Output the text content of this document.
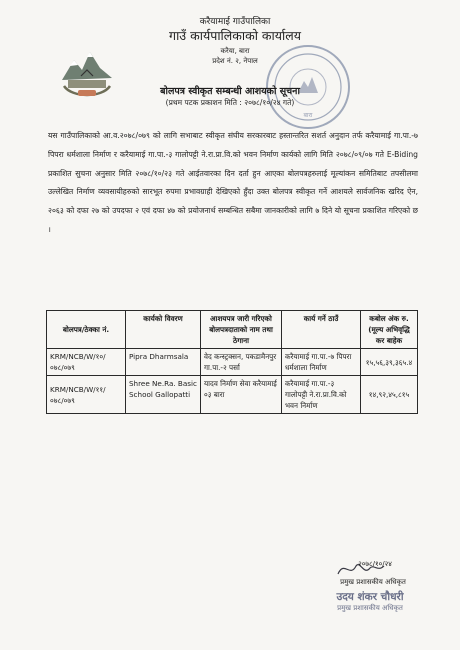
बारा
करैयामाई गाउँपालिका
गाउँ कार्यपालिकाको कार्यालय
करैया, बारा
प्रदेश नं. २, नेपाल
बोलपत्र स्वीकृत सम्बन्धी आशयको सूचना
(प्रथम पटक प्रकाशन मिति : २०७८/१०/२४ गते)
यस गाउँपालिकाको आ.व.२०७८/०७९ को लागि सभाबाट स्वीकृत संघीय सरकारबाट हस्तान्तरित सशर्त अनुदान तर्फ करैयामाई गा.पा.-७ पिपरा धर्मशाला निर्माण र करैयामाई गा.पा.-३ गालोपट्टी ने.रा.प्रा.वि.को भवन निर्माण कार्यको लागि मिति २०७८/०९/०७ गते E-Biding प्रकाशित सुचना अनुसार मिति २०७८/१०/२३ गते आईतवारका दिन दर्ता हुन आएका बोलपत्रहरुलाई मूल्यांकन समितिबाट तपसीलमा उल्लेखित निर्माण व्यवसायीहरुको सारभूत रुपमा प्रभावग्राही देखिएको हुँदा उक्त बोलपत्र स्वीकृत गर्ने आशयले सार्वजनिक खरिद ऐन, २०६३ को दफा २७ को उपदफा २ एवं दफा ४७ को प्रयोजनार्थ सम्बन्धित सबैमा जानकारीको लागि ७ दिने यो सूचना प्रकाशित गरिएको छ ।
बोलपत्र/ठेक्का नं.	कार्यको विवरण	आशयपत्र जारी गरिएको बोलपत्रदाताको नाम तथा ठेगाना	कार्य गर्ने ठाउँ	कबोल अंक रु. (मूल्य अभिवृद्धि कर बाहेक
KRM/NCB/W/१०/ ०७८/०७९	Pipra Dharmsala	वेद कन्स्ट्रक्सन, पकडामैनपुर गा.पा.-२ पर्सा	करैयामाई गा.पा.-७ पिपरा धर्मशाला निर्माण	१५,५६,३९,३६५.४
KRM/NCB/W/११/ ०७८/०७९	Shree Ne.Ra. Basic School Gallopatti	यादव निर्माण सेवा करैयामाई ०३ बारा	करैयामाई गा.पा.-३ गालोपट्टी ने.रा.प्रा.वि.को भवन निर्माण	१४,९२,४५,८१५
२०७८/१०/२४
प्रमुख प्रशासकीय अधिकृत
उदय शंकर चौधरी
प्रमुख प्रशासकीय अधिकृत
